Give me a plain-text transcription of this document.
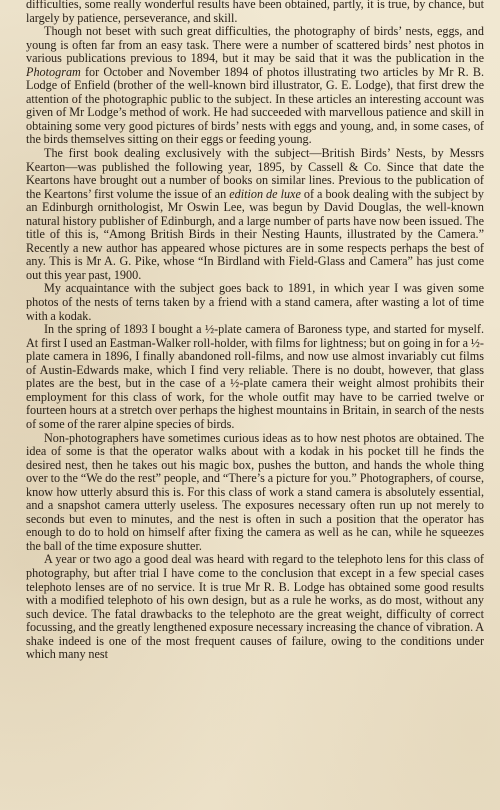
difficulties, some really wonderful results have been obtained, partly, it is true, by chance, but largely by patience, perseverance, and skill.

Though not beset with such great difficulties, the photography of birds’ nests, eggs, and young is often far from an easy task. There were a number of scattered birds’ nest photos in various publications previous to 1894, but it may be said that it was the publication in the Photogram for October and November 1894 of photos illustrating two articles by Mr R. B. Lodge of Enfield (brother of the well-known bird illustrator, G. E. Lodge), that first drew the attention of the photographic public to the subject. In these articles an interesting account was given of Mr Lodge’s method of work. He had succeeded with marvellous patience and skill in obtaining some very good pictures of birds’ nests with eggs and young, and, in some cases, of the birds themselves sitting on their eggs or feeding young.

The first book dealing exclusively with the subject—British Birds’ Nests, by Messrs Kearton—was published the following year, 1895, by Cassell & Co. Since that date the Keartons have brought out a number of books on similar lines. Previous to the publication of the Keartons’ first volume the issue of an edition de luxe of a book dealing with the subject by an Edinburgh ornithologist, Mr Oswin Lee, was begun by David Douglas, the well-known natural history publisher of Edinburgh, and a large number of parts have now been issued. The title of this is, “Among British Birds in their Nesting Haunts, illustrated by the Camera.” Recently a new author has appeared whose pictures are in some respects perhaps the best of any. This is Mr A. G. Pike, whose “In Birdland with Field-Glass and Camera” has just come out this year past, 1900.

My acquaintance with the subject goes back to 1891, in which year I was given some photos of the nests of terns taken by a friend with a stand camera, after wasting a lot of time with a kodak.

In the spring of 1893 I bought a ½-plate camera of Baroness type, and started for myself. At first I used an Eastman-Walker roll-holder, with films for lightness; but on going in for a ½-plate camera in 1896, I finally abandoned roll-films, and now use almost invariably cut films of Austin-Edwards make, which I find very reliable. There is no doubt, however, that glass plates are the best, but in the case of a ½-plate camera their weight almost prohibits their employment for this class of work, for the whole outfit may have to be carried twelve or fourteen hours at a stretch over perhaps the highest mountains in Britain, in search of the nests of some of the rarer alpine species of birds.

Non-photographers have sometimes curious ideas as to how nest photos are obtained. The idea of some is that the operator walks about with a kodak in his pocket till he finds the desired nest, then he takes out his magic box, pushes the button, and hands the whole thing over to the “We do the rest” people, and “There’s a picture for you.” Photographers, of course, know how utterly absurd this is. For this class of work a stand camera is absolutely essential, and a snapshot camera utterly useless. The exposures necessary often run up not merely to seconds but even to minutes, and the nest is often in such a position that the operator has enough to do to hold on himself after fixing the camera as well as he can, while he squeezes the ball of the time exposure shutter.

A year or two ago a good deal was heard with regard to the telephoto lens for this class of photography, but after trial I have come to the conclusion that except in a few special cases telephoto lenses are of no service. It is true Mr R. B. Lodge has obtained some good results with a modified telephoto of his own design, but as a rule he works, as do most, without any such device. The fatal drawbacks to the telephoto are the great weight, difficulty of correct focussing, and the greatly lengthened exposure necessary increasing the chance of vibration. A shake indeed is one of the most frequent causes of failure, owing to the conditions under which many nest
